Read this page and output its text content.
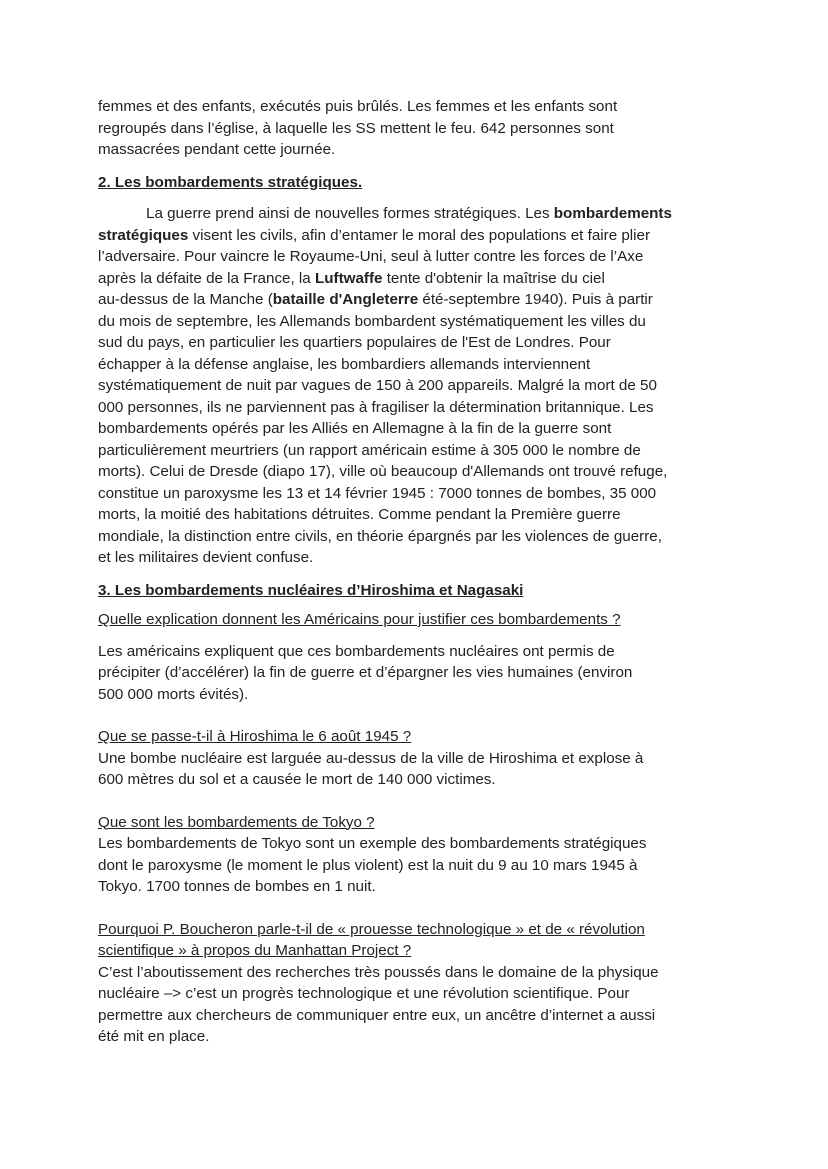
femmes et des enfants, exécutés puis brûlés. Les femmes et les enfants sont
regroupés dans l’église, à laquelle les SS mettent le feu. 642 personnes sont
massacrées pendant cette journée.
2. Les bombardements stratégiques.
La guerre prend ainsi de nouvelles formes stratégiques. Les bombardements
stratégiques visent les civils, afin d’entamer le moral des populations et faire plier
l’adversaire. Pour vaincre le Royaume-Uni, seul à lutter contre les forces de l’Axe
après la défaite de la France, la Luftwaffe tente d'obtenir la maîtrise du ciel
au-dessus de la Manche (bataille d'Angleterre été-septembre 1940). Puis à partir
du mois de septembre, les Allemands bombardent systématiquement les villes du
sud du pays, en particulier les quartiers populaires de l'Est de Londres. Pour
échapper à la défense anglaise, les bombardiers allemands interviennent
systématiquement de nuit par vagues de 150 à 200 appareils. Malgré la mort de 50
000 personnes, ils ne parviennent pas à fragiliser la détermination britannique. Les
bombardements opérés par les Alliés en Allemagne à la fin de la guerre sont
particulièrement meurtriers (un rapport américain estime à 305 000 le nombre de
morts). Celui de Dresde (diapo 17), ville où beaucoup d'Allemands ont trouvé refuge,
constitue un paroxysme les 13 et 14 février 1945 : 7000 tonnes de bombes, 35 000
morts, la moitié des habitations détruites. Comme pendant la Première guerre
mondiale, la distinction entre civils, en théorie épargnés par les violences de guerre,
et les militaires devient confuse.
3. Les bombardements nucléaires d’Hiroshima et Nagasaki
Quelle explication donnent les Américains pour justifier ces bombardements ?
Les américains expliquent que ces bombardements nucléaires ont permis de
précipiter (d’accélérer) la fin de guerre et d’épargner les vies humaines (environ
500 000 morts évités).
Que se passe-t-il à Hiroshima le 6 août 1945 ?
Une bombe nucléaire est larguée au-dessus de la ville de Hiroshima et explose à
600 mètres du sol et a causée le mort de 140 000 victimes.
Que sont les bombardements de Tokyo ?
Les bombardements de Tokyo sont un exemple des bombardements stratégiques
dont le paroxysme (le moment le plus violent) est la nuit du 9 au 10 mars 1945 à
Tokyo. 1700 tonnes de bombes en 1 nuit.
Pourquoi P. Boucheron parle-t-il de « prouesse technologique » et de « révolution
scientifique » à propos du Manhattan Project ?
C’est l’aboutissement des recherches très poussés dans le domaine de la physique
nucléaire –> c’est un progrès technologique et une révolution scientifique. Pour
permettre aux chercheurs de communiquer entre eux, un ancêtre d’internet a aussi
été mit en place.
